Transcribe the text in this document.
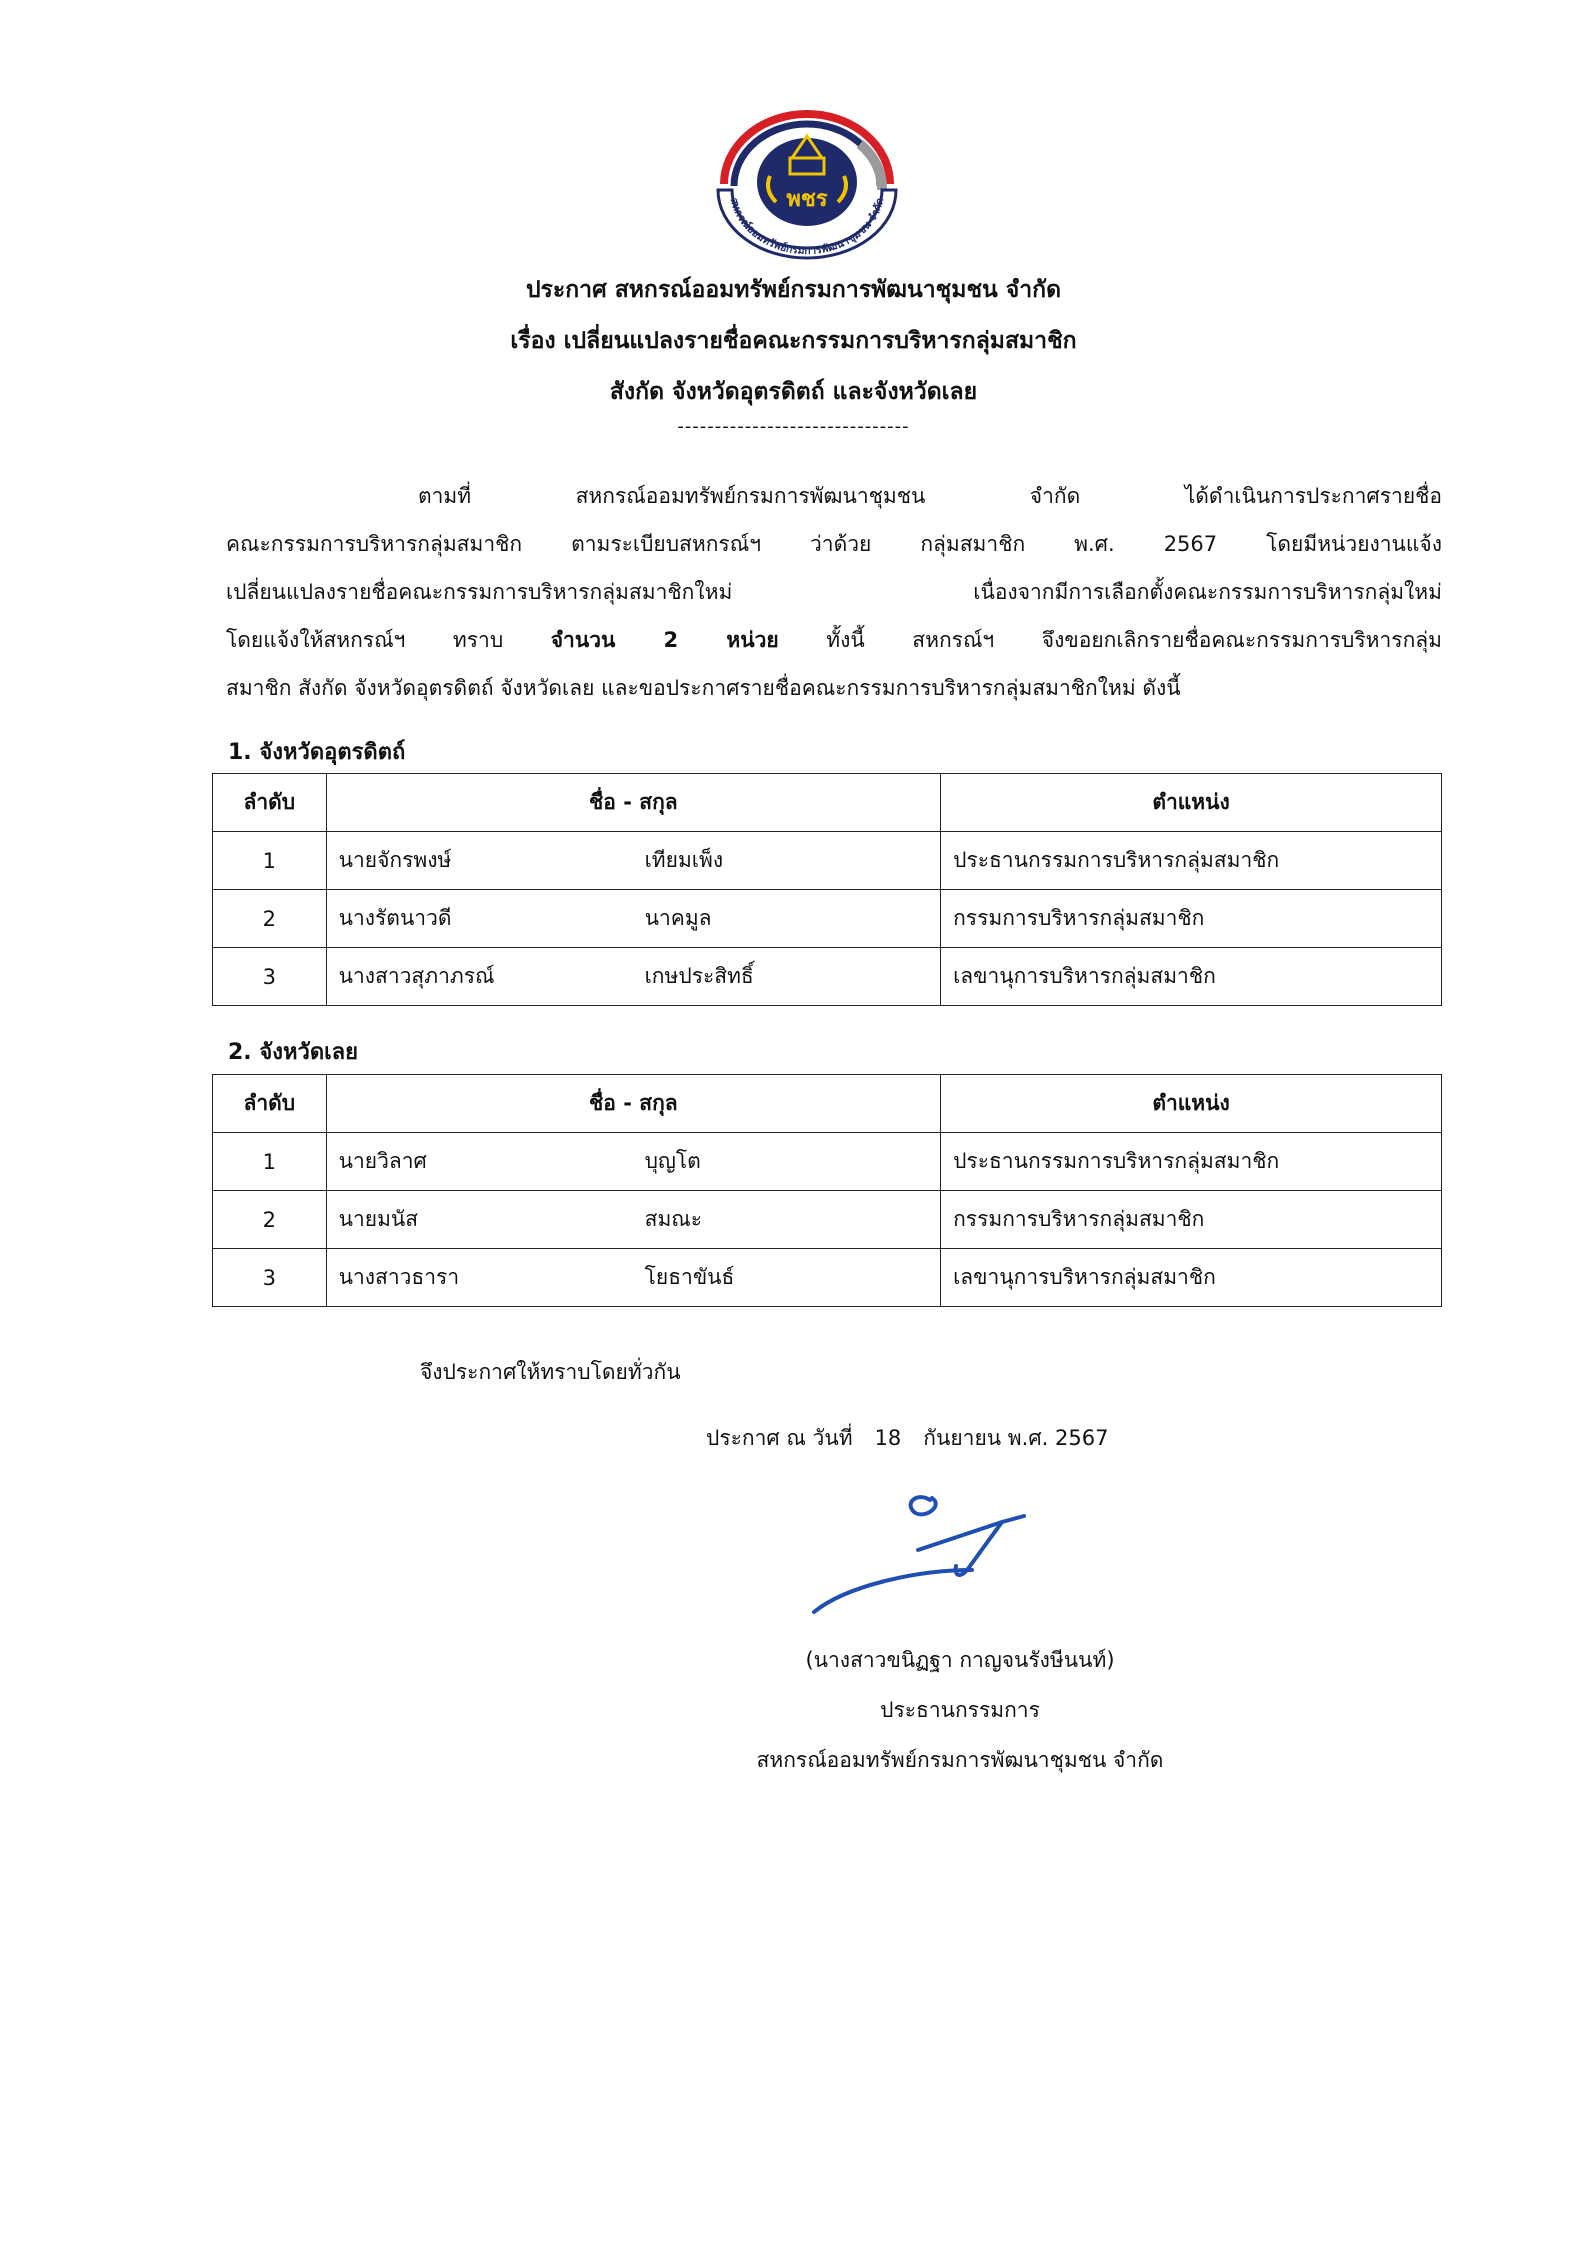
สหกรณ์ออมทรัพย์กรมการพัฒนาชุมชน จำกัด
พชร
ประกาศ สหกรณ์ออมทรัพย์กรมการพัฒนาชุมชน จำกัด
เรื่อง เปลี่ยนแปลงรายชื่อคณะกรรมการบริหารกลุ่มสมาชิก
สังกัด จังหวัดอุตรดิตถ์ และจังหวัดเลย
-------------------------------
ตามที่ สหกรณ์ออมทรัพย์กรมการพัฒนาชุมชน จำกัด ได้ดำเนินการประกาศรายชื่อ
คณะกรรมการบริหารกลุ่มสมาชิก ตามระเบียบสหกรณ์ฯ ว่าด้วย กลุ่มสมาชิก พ.ศ. 2567 โดยมีหน่วยงานแจ้ง
เปลี่ยนแปลงรายชื่อคณะกรรมการบริหารกลุ่มสมาชิกใหม่ เนื่องจากมีการเลือกตั้งคณะกรรมการบริหารกลุ่มใหม่
โดยแจ้งให้สหกรณ์ฯ ทราบ จำนวน 2 หน่วย ทั้งนี้ สหกรณ์ฯ จึงขอยกเลิกรายชื่อคณะกรรมการบริหารกลุ่ม
สมาชิก สังกัด จังหวัดอุตรดิตถ์ จังหวัดเลย และขอประกาศรายชื่อคณะกรรมการบริหารกลุ่มสมาชิกใหม่ ดังนี้
1. จังหวัดอุตรดิตถ์
ลำดับ	ชื่อ - สกุล	ตำแหน่ง
1	นายจักรพงษ์ เทียมเพ็ง	ประธานกรรมการบริหารกลุ่มสมาชิก
2	นางรัตนาวดี นาคมูล	กรรมการบริหารกลุ่มสมาชิก
3	นางสาวสุภาภรณ์ เกษประสิทธิ์	เลขานุการบริหารกลุ่มสมาชิก
2. จังหวัดเลย
ลำดับ	ชื่อ - สกุล	ตำแหน่ง
1	นายวิลาศ บุญโต	ประธานกรรมการบริหารกลุ่มสมาชิก
2	นายมนัส สมณะ	กรรมการบริหารกลุ่มสมาชิก
3	นางสาวธารา โยธาขันธ์	เลขานุการบริหารกลุ่มสมาชิก
จึงประกาศให้ทราบโดยทั่วกัน
ประกาศ ณ วันที่ 18 กันยายน พ.ศ. 2567
(นางสาวขนิฏฐา กาญจนรังษีนนท์)
ประธานกรรมการ
สหกรณ์ออมทรัพย์กรมการพัฒนาชุมชน จำกัด
